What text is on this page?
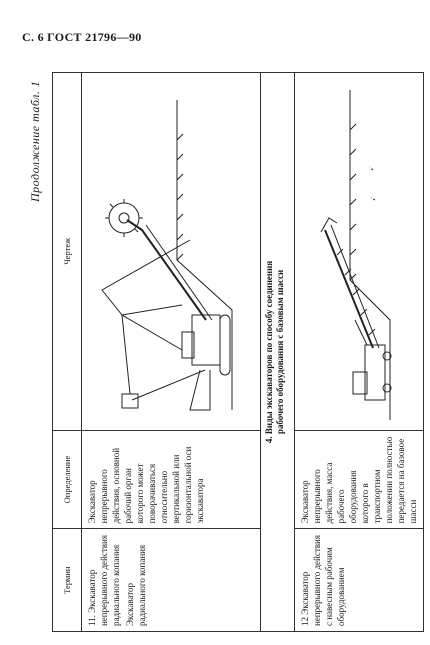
С. 6 ГОСТ 21796—90
Продолжение табл. 1
Термин	Определение	Чертеж

11. Экскаватор непрерывного действия радиального копания Экскаватор радиального копания	Экскаватор непрерывного действия, основной рабочий орган которого может поворачиваться относительно вертикальной или горизонтальной оси экскаватора	

4. Виды экскаваторов по способу соединения рабочего оборудования с базовым шасси		

12 Экскаватор непрерывного действия с навесным рабочим оборудованием	Экскаватор непрерывного действия, масса рабочего оборудования которого в транспортном положении полностью передается на базовое шасси	
